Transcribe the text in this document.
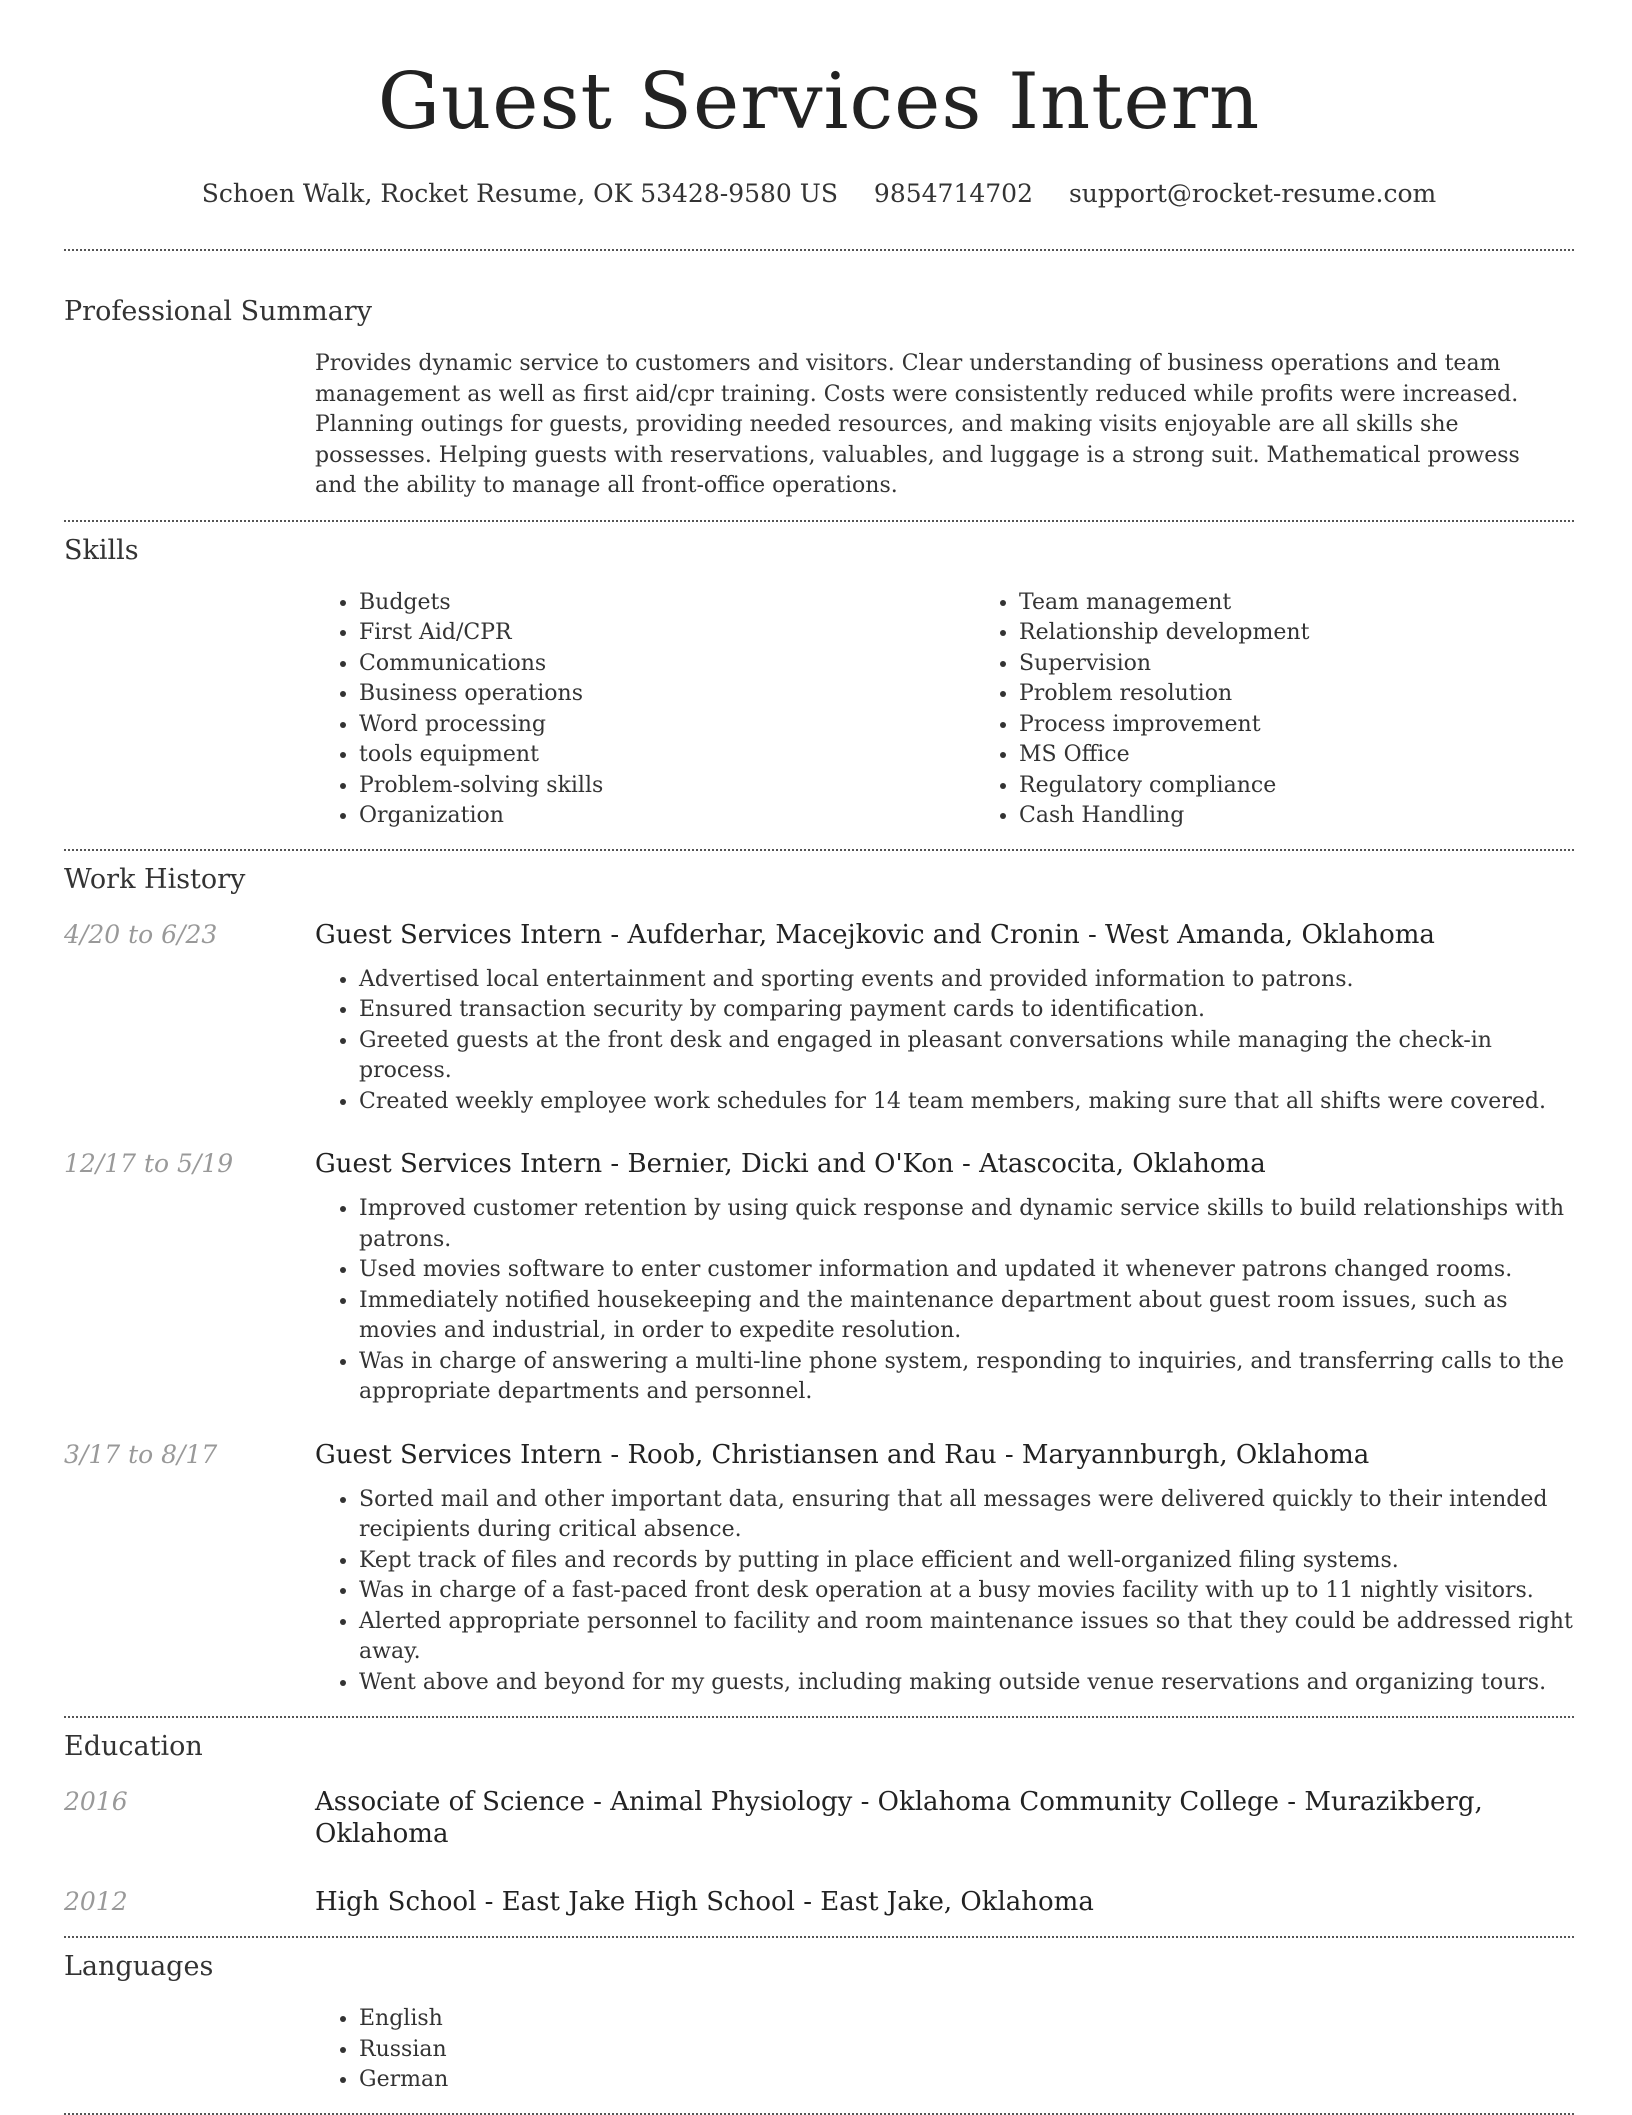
Guest Services Intern
Schoen Walk, Rocket Resume, OK 53428-9580 US 9854714702 support@rocket-resume.com
Professional Summary
Provides dynamic service to customers and visitors. Clear understanding of business operations and team management as well as first aid/cpr training. Costs were consistently reduced while profits were increased. Planning outings for guests, providing needed resources, and making visits enjoyable are all skills she possesses. Helping guests with reservations, valuables, and luggage is a strong suit. Mathematical prowess and the ability to manage all front-office operations.
Skills
• Budgets
• First Aid/CPR
• Communications
• Business operations
• Word processing
• tools equipment
• Problem-solving skills
• Organization
• Team management
• Relationship development
• Supervision
• Problem resolution
• Process improvement
• MS Office
• Regulatory compliance
• Cash Handling
Work History
4/20 to 6/23	Guest Services Intern - Aufderhar, Macejkovic and Cronin - West Amanda, Oklahoma
• Advertised local entertainment and sporting events and provided information to patrons.
• Ensured transaction security by comparing payment cards to identification.
• Greeted guests at the front desk and engaged in pleasant conversations while managing the check-in process.
• Created weekly employee work schedules for 14 team members, making sure that all shifts were covered.
12/17 to 5/19	Guest Services Intern - Bernier, Dicki and O'Kon - Atascocita, Oklahoma
• Improved customer retention by using quick response and dynamic service skills to build relationships with patrons.
• Used movies software to enter customer information and updated it whenever patrons changed rooms.
• Immediately notified housekeeping and the maintenance department about guest room issues, such as movies and industrial, in order to expedite resolution.
• Was in charge of answering a multi-line phone system, responding to inquiries, and transferring calls to the appropriate departments and personnel.
3/17 to 8/17	Guest Services Intern - Roob, Christiansen and Rau - Maryannburgh, Oklahoma
• Sorted mail and other important data, ensuring that all messages were delivered quickly to their intended recipients during critical absence.
• Kept track of files and records by putting in place efficient and well-organized filing systems.
• Was in charge of a fast-paced front desk operation at a busy movies facility with up to 11 nightly visitors.
• Alerted appropriate personnel to facility and room maintenance issues so that they could be addressed right away.
• Went above and beyond for my guests, including making outside venue reservations and organizing tours.
Education
2016	Associate of Science - Animal Physiology - Oklahoma Community College - Murazikberg, Oklahoma
2012	High School - East Jake High School - East Jake, Oklahoma
Languages
• English
• Russian
• German
